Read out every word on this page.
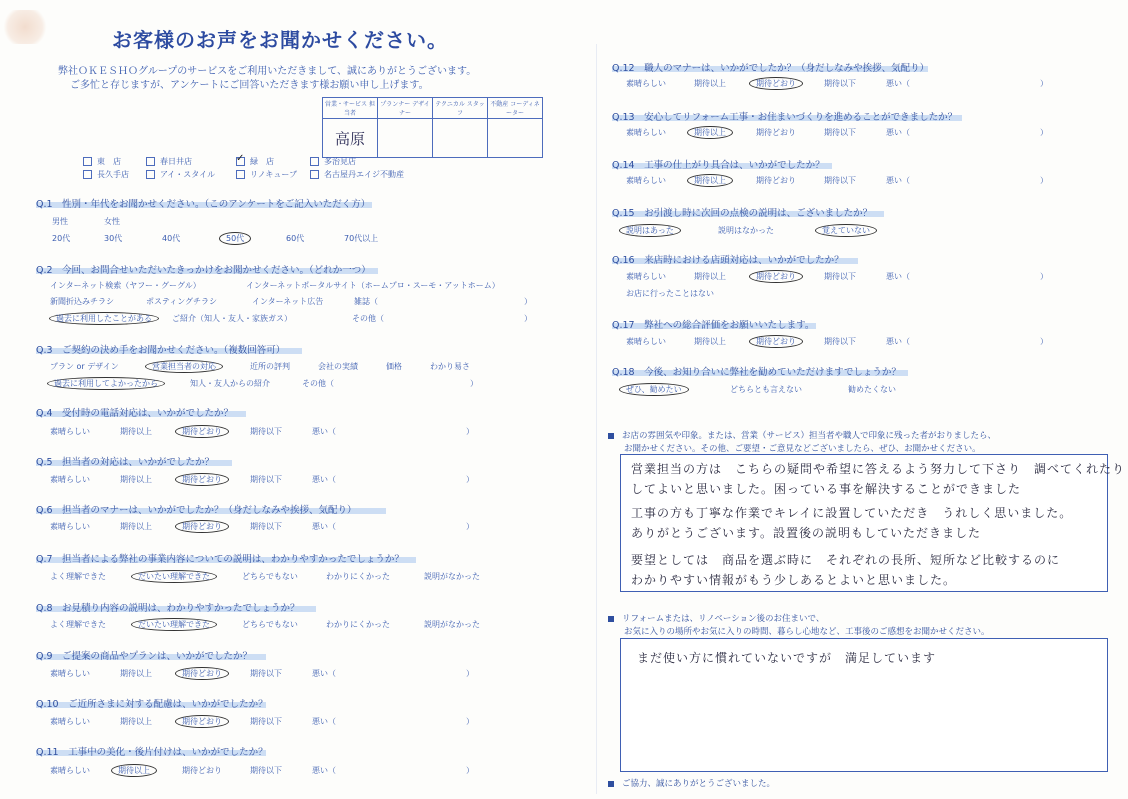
お客様のお声をお聞かせください。
弊社ＯＫＥＳＨＯグループのサービスをご利用いただきまして、誠にありがとうございます。
ご多忙と存じますが、アンケートにご回答いただきます様お願い申し上げます。
営業・サービス 担当者	プランナー デザイナー	テクニカル スタッフ	不動産 コーディネーター
高原			
東　店	春日井店 ✓	緑　店	多治見店
長久手店	アイ・スタイル	リノキューブ	名古屋丹エイジ不動産
Q.1　性別・年代をお聞かせください。（このアンケートをご記入いただく方）
男性	女性
20代	30代	40代	50代	60代	70代以上
Q.2　今回、お問合せいただいたきっかけをお聞かせください。（どれか一つ）
インターネット検索（ヤフー・グーグル）	インターネットポータルサイト（ホームプロ・スーモ・アットホーム）
新聞折込みチラシ	ポスティングチラシ	インターネット広告	雑誌（	）
過去に利用したことがある	ご紹介（知人・友人・家族ガス）	その他（	）
Q.3　ご契約の決め手をお聞かせください。（複数回答可）
プラン or デザイン	営業担当者の対応	近所の評判	会社の実績	価格	わかり易さ
過去に利用してよかったから	知人・友人からの紹介	その他（	）
Q.4　受付時の電話対応は、いかがでしたか？
素晴らしい	期待以上	期待どおり	期待以下	悪い（	）
Q.5　担当者の対応は、いかがでしたか？
素晴らしい	期待以上	期待どおり	期待以下	悪い（	）
Q.6　担当者のマナーは、いかがでしたか？（身だしなみや挨拶、気配り）
素晴らしい	期待以上	期待どおり	期待以下	悪い（	）
Q.7　担当者による弊社の事業内容についての説明は、わかりやすかったでしょうか？
よく理解できた	だいたい理解できた	どちらでもない	わかりにくかった	説明がなかった
Q.8　お見積り内容の説明は、わかりやすかったでしょうか？
よく理解できた	だいたい理解できた	どちらでもない	わかりにくかった	説明がなかった
Q.9　ご提案の商品やプランは、いかがでしたか？
素晴らしい	期待以上	期待どおり	期待以下	悪い（	）
Q.10　ご近所さまに対する配慮は、いかがでしたか？
素晴らしい	期待以上	期待どおり	期待以下	悪い（	）
Q.11　工事中の美化・後片付けは、いかがでしたか？
素晴らしい	期待以上	期待どおり	期待以下	悪い（	）
Q.12　職人のマナーは、いかがでしたか？（身だしなみや挨拶、気配り）
素晴らしい	期待以上	期待どおり	期待以下	悪い（	）
Q.13　安心してリフォーム工事・お住まいづくりを進めることができましたか？
素晴らしい	期待以上	期待どおり	期待以下	悪い（	）
Q.14　工事の仕上がり具合は、いかがでしたか？
素晴らしい	期待以上	期待どおり	期待以下	悪い（	）
Q.15　お引渡し時に次回の点検の説明は、ございましたか？
説明はあった	説明はなかった	覚えていない
Q.16　来店時における店頭対応は、いかがでしたか？
素晴らしい	期待以上	期待どおり	期待以下	悪い（	）
お店に行ったことはない
Q.17　弊社への総合評価をお願いいたします。
素晴らしい	期待以上	期待どおり	期待以下	悪い（	）
Q.18　今後、お知り合いに弊社を勧めていただけますでしょうか？
ぜひ、勧めたい	どちらとも言えない	勧めたくない
お店の雰囲気や印象。または、営業（サービス）担当者や職人で印象に残った者がおりましたら、
お聞かせください。その他、ご要望・ご意見などございましたら、ぜひ、お聞かせください。
営業担当の方は　こちらの疑問や希望に答えるよう努力して下さり　調べてくれたり
してよいと思いました。困っている事を解決することができました
工事の方も丁寧な作業でキレイに設置していただき　うれしく思いました。
ありがとうございます。設置後の説明もしていただきました
要望としては　商品を選ぶ時に　それぞれの長所、短所など比較するのに
わかりやすい情報がもう少しあるとよいと思いました。
リフォームまたは、リノベーション後のお住まいで、
お気に入りの場所やお気に入りの時間、暮らし心地など、工事後のご感想をお聞かせください。
まだ使い方に慣れていないですが　満足しています
ご協力、誠にありがとうございました。
